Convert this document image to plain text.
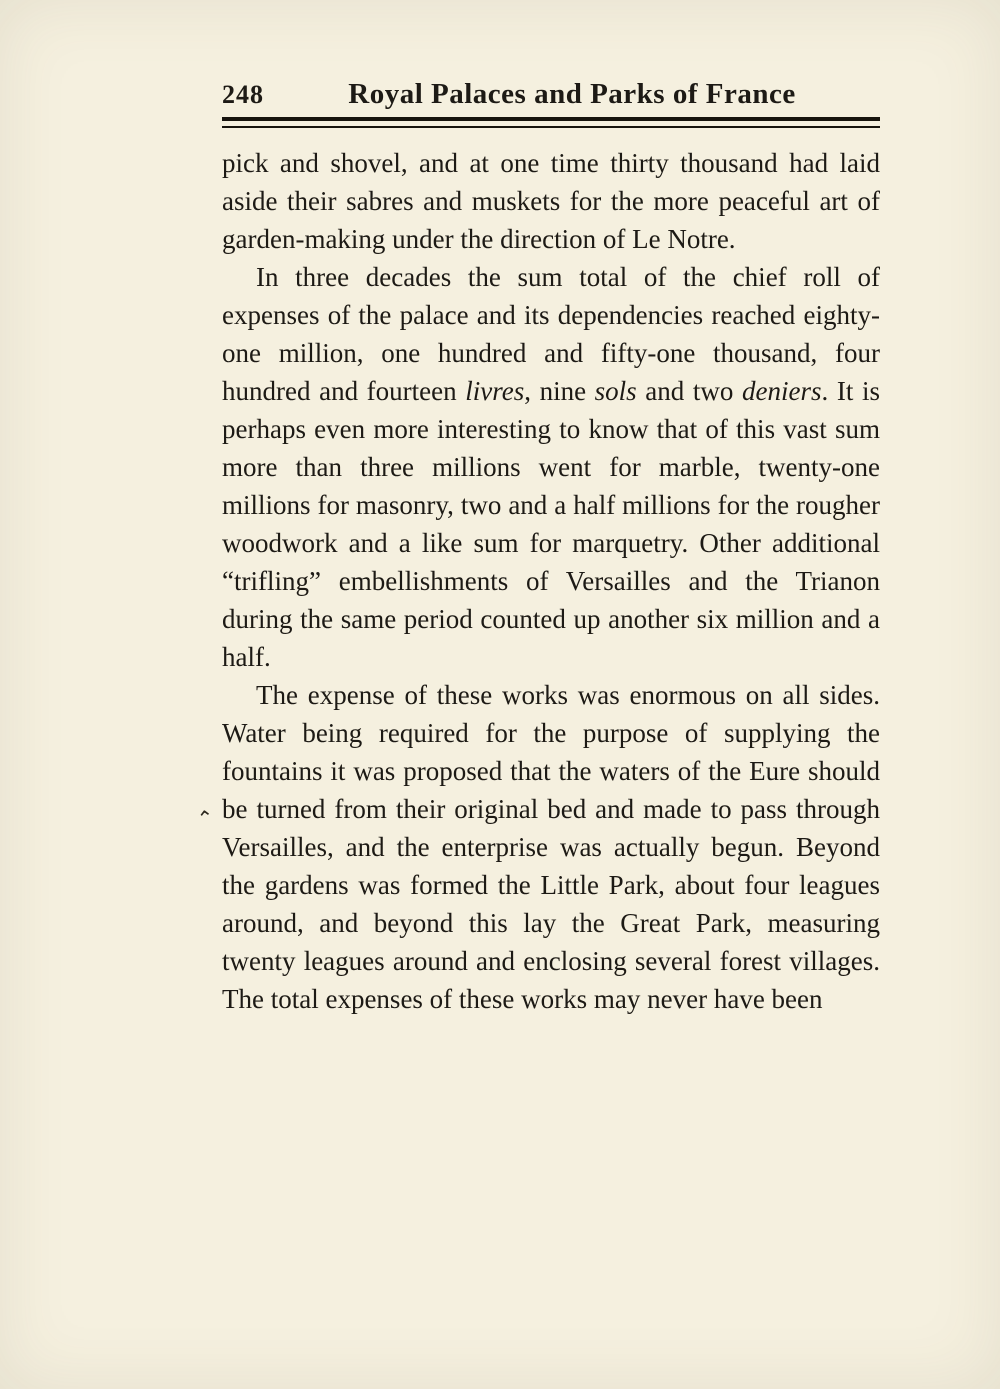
⌃
248	Royal Palaces and Parks of France

pick and shovel, and at one time thirty thousand had laid aside their sabres and muskets for the more peaceful art of garden-making under the direction of Le Notre.

In three decades the sum total of the chief roll of expenses of the palace and its dependencies reached eighty-one million, one hundred and fifty-one thousand, four hundred and fourteen livres, nine sols and two deniers. It is perhaps even more interesting to know that of this vast sum more than three millions went for marble, twenty-one millions for masonry, two and a half millions for the rougher woodwork and a like sum for marquetry. Other additional “trifling” embellishments of Versailles and the Trianon during the same period counted up another six million and a half.

The expense of these works was enormous on all sides. Water being required for the purpose of supplying the fountains it was proposed that the waters of the Eure should be turned from their original bed and made to pass through Versailles, and the enterprise was actually begun. Beyond the gardens was formed the Little Park, about four leagues around, and beyond this lay the Great Park, measuring twenty leagues around and enclosing several forest villages. The total expenses of these works may never have been
